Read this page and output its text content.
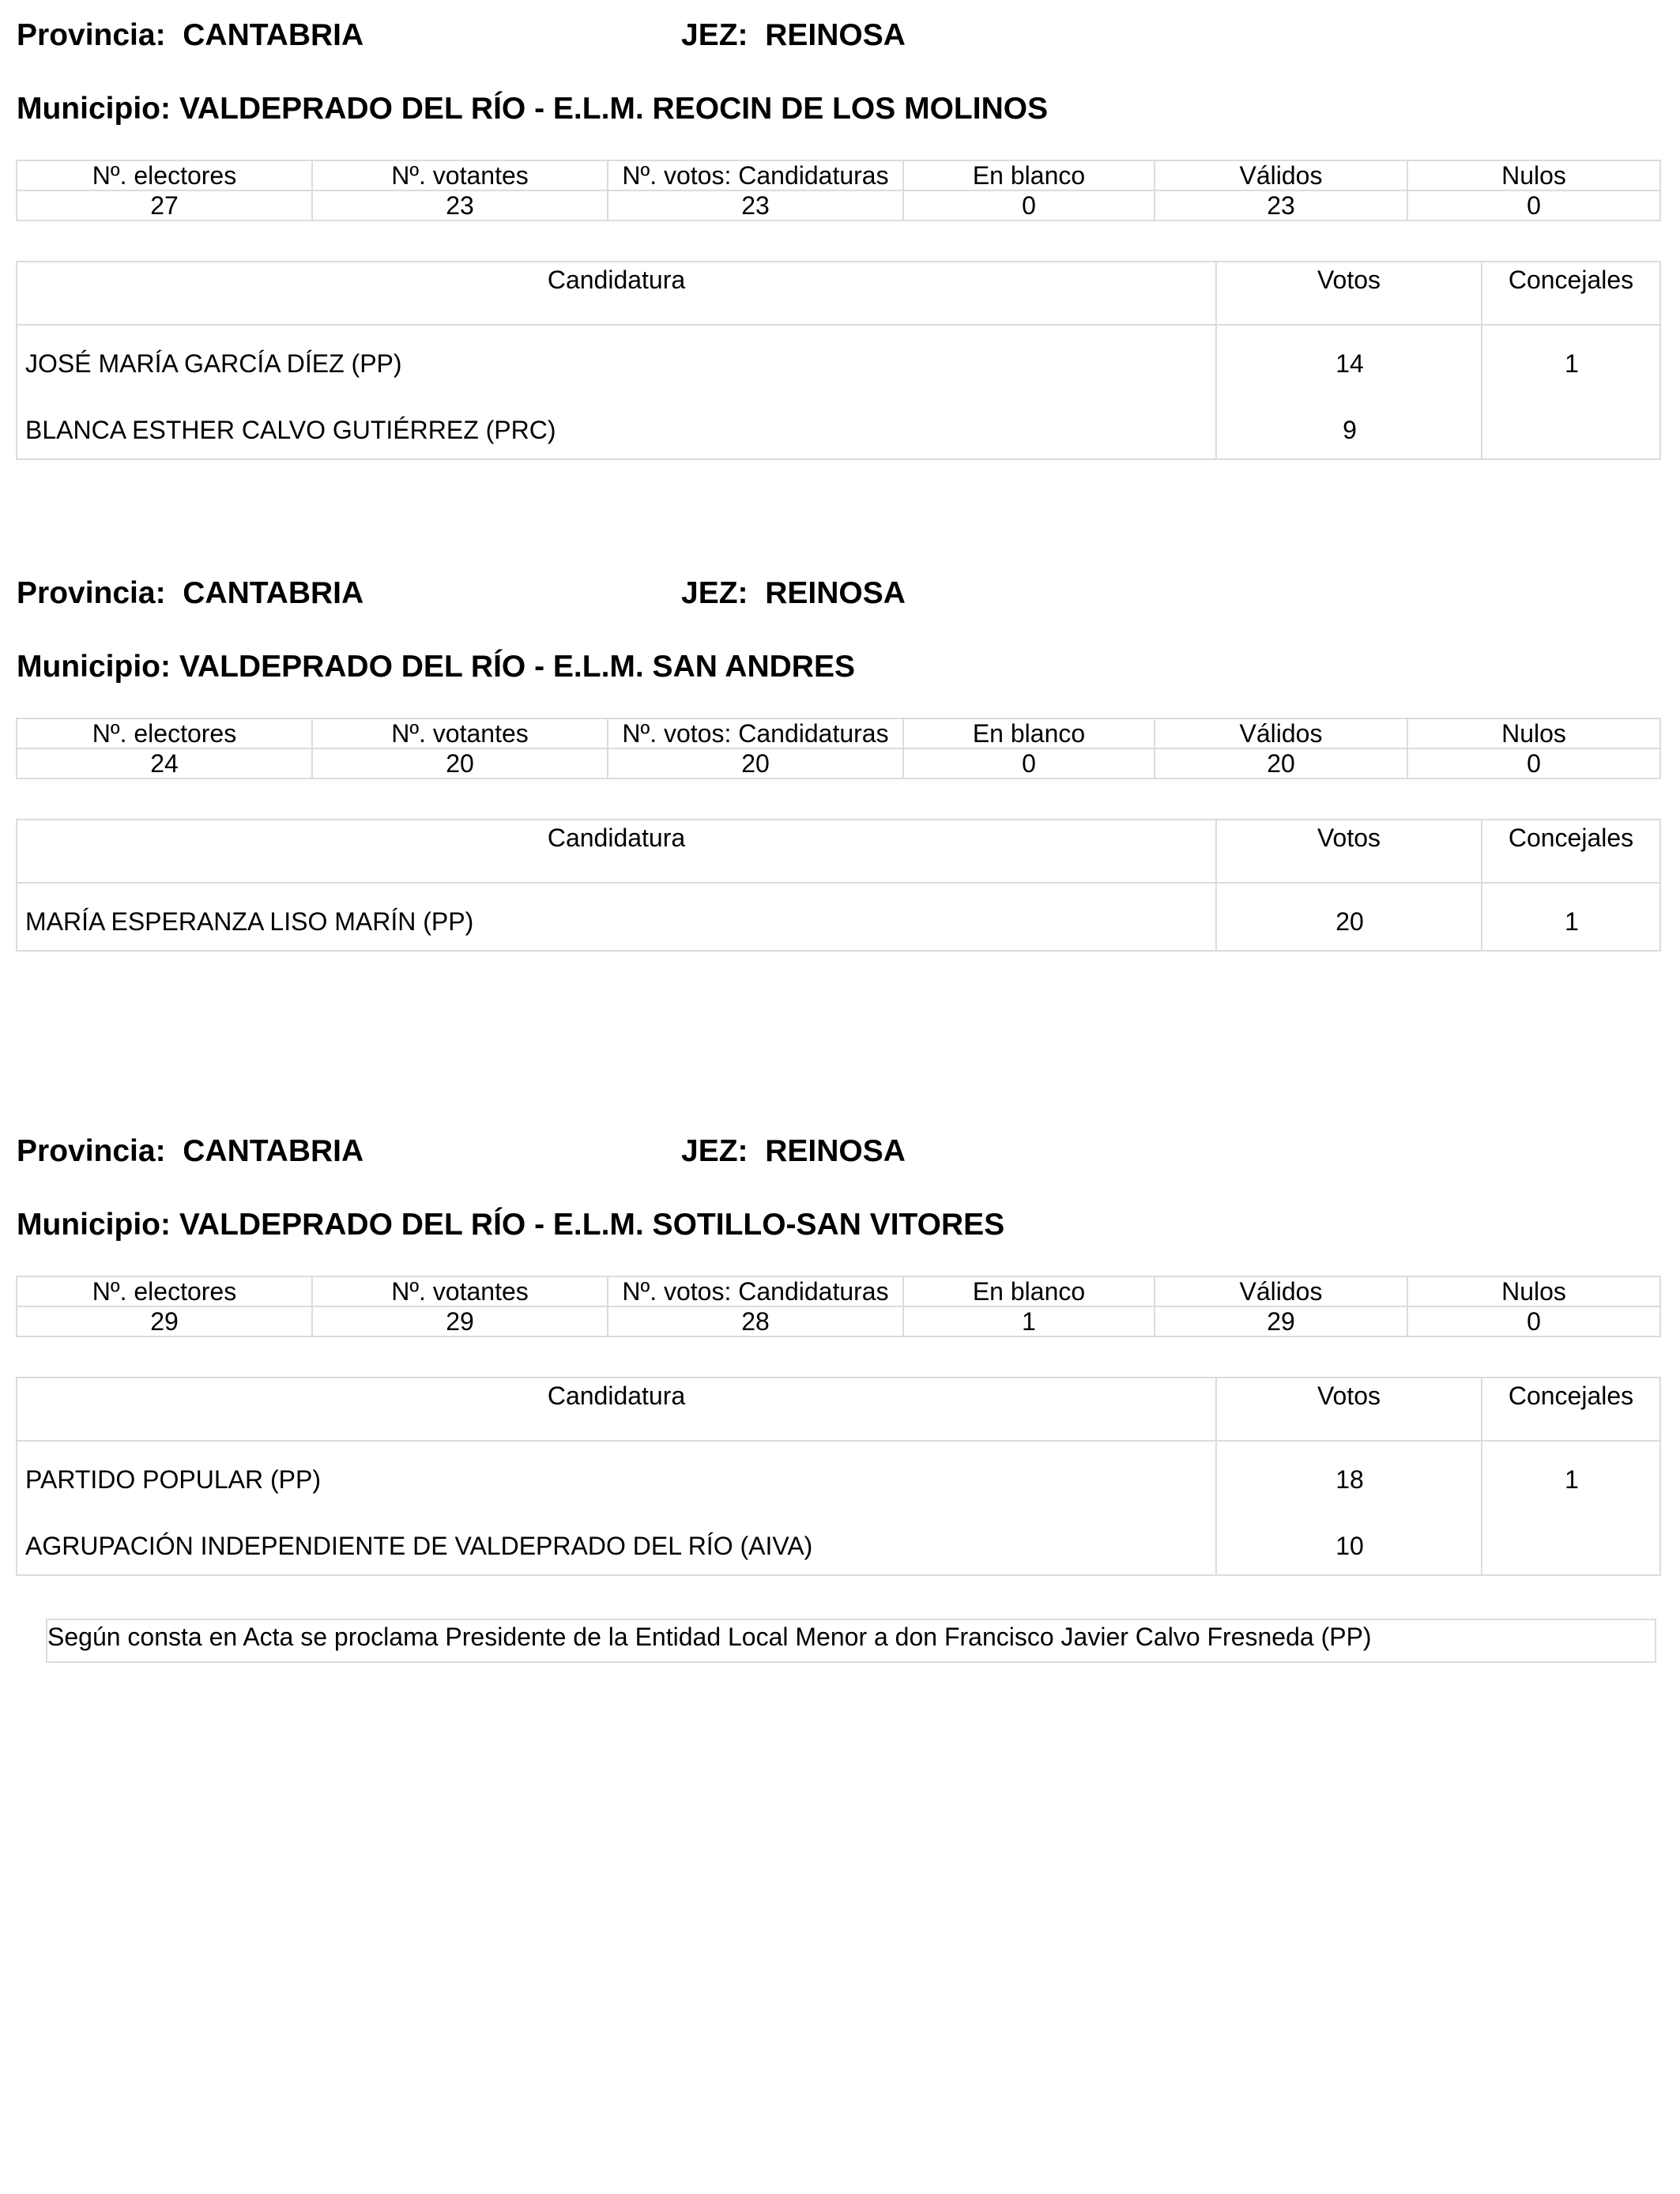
Provincia: CANTABRIA	JEZ: REINOSA
Municipio: VALDEPRADO DEL RÍO - E.L.M. REOCIN DE LOS MOLINOS
Nº. electores	Nº. votantes	Nº. votos: Candidaturas	En blanco	Válidos	Nulos
27	23	23	0	23	0
Candidatura	Votos	Concejales
JOSÉ MARÍA GARCÍA DÍEZ (PP)	14	1
BLANCA ESTHER CALVO GUTIÉRREZ (PRC)	9
Provincia: CANTABRIA	JEZ: REINOSA
Municipio: VALDEPRADO DEL RÍO - E.L.M. SAN ANDRES
Nº. electores	Nº. votantes	Nº. votos: Candidaturas	En blanco	Válidos	Nulos
24	20	20	0	20	0
Candidatura	Votos	Concejales
MARÍA ESPERANZA LISO MARÍN (PP)	20	1
Provincia: CANTABRIA	JEZ: REINOSA
Municipio: VALDEPRADO DEL RÍO - E.L.M. SOTILLO-SAN VITORES
Nº. electores	Nº. votantes	Nº. votos: Candidaturas	En blanco	Válidos	Nulos
29	29	28	1	29	0
Candidatura	Votos	Concejales
PARTIDO POPULAR (PP)	18	1
AGRUPACIÓN INDEPENDIENTE DE VALDEPRADO DEL RÍO (AIVA)	10
Según consta en Acta se proclama Presidente de la Entidad Local Menor a don Francisco Javier Calvo Fresneda (PP)
